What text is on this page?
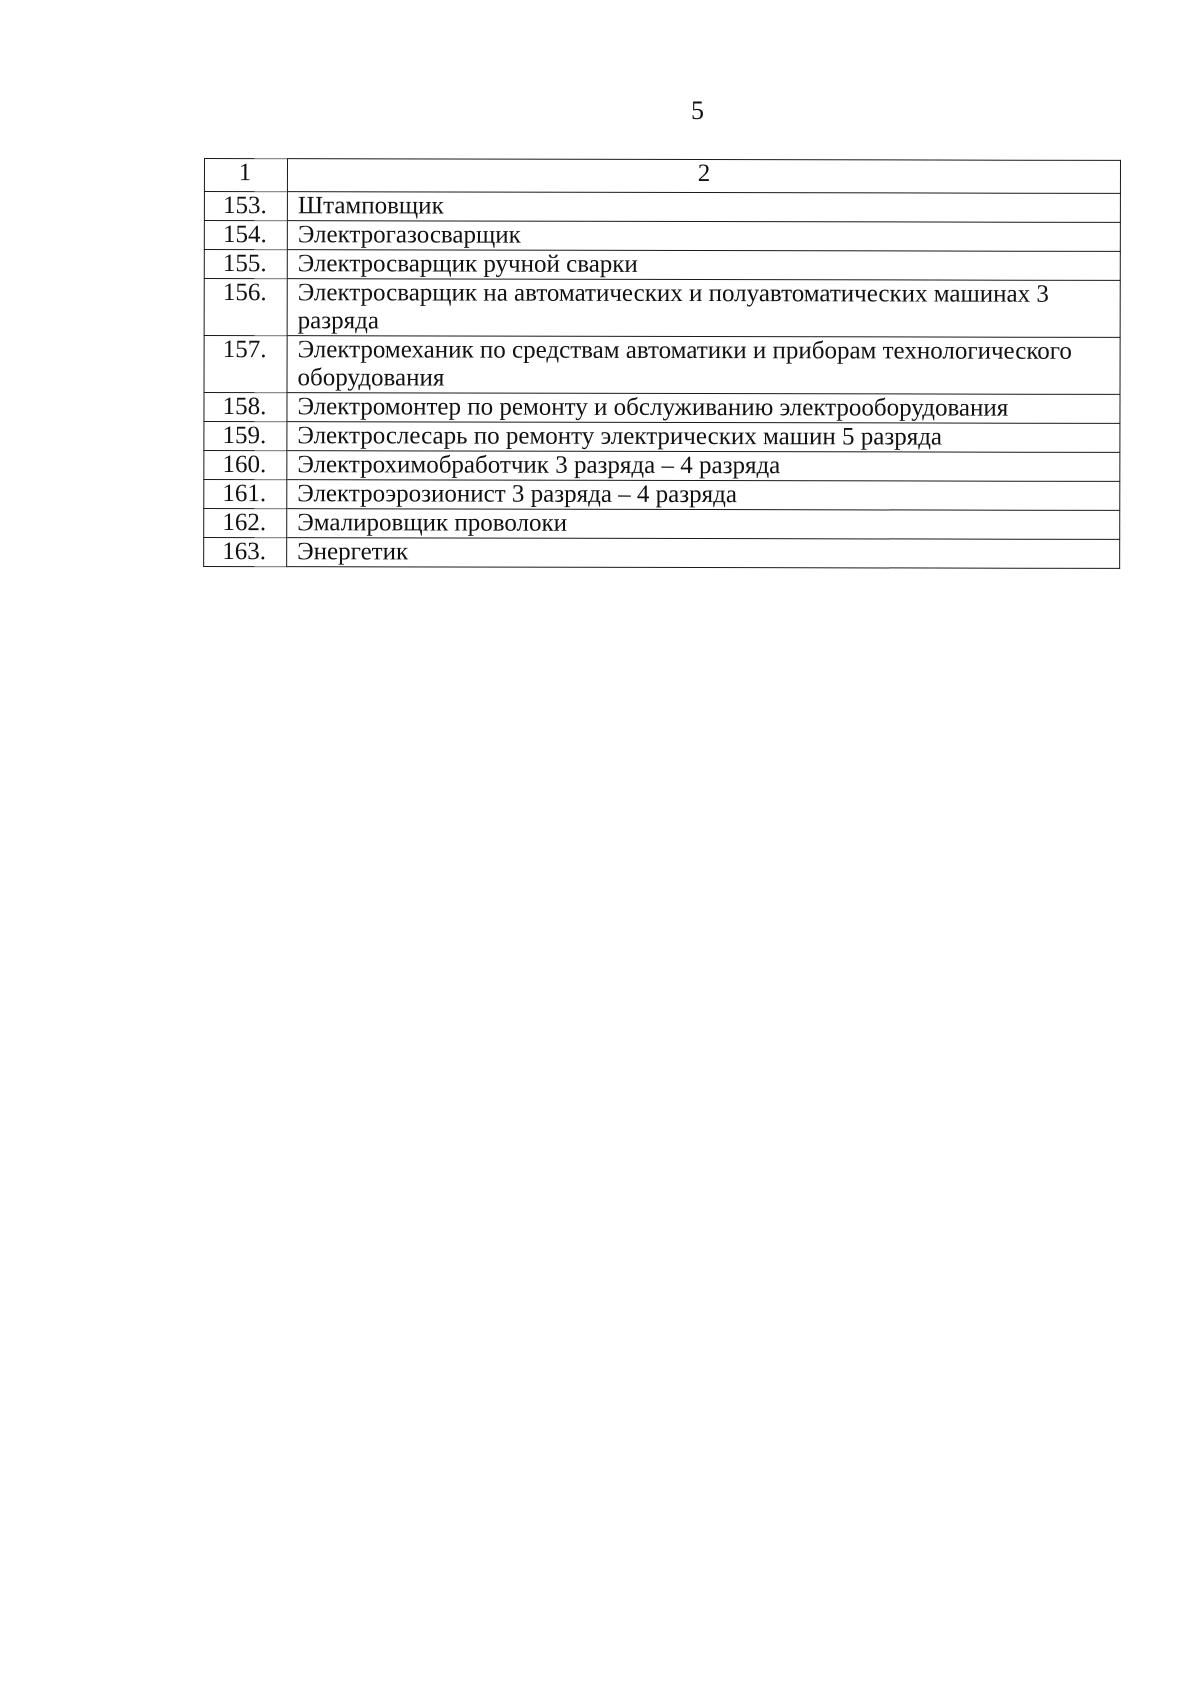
5
1	2
153.	Штамповщик
154.	Электрогазосварщик
155.	Электросварщик ручной сварки
156.	Электросварщик на автоматических и полуавтоматических машинах 3 разряда
157.	Электромеханик по средствам автоматики и приборам технологического оборудования
158.	Электромонтер по ремонту и обслуживанию электрооборудования
159.	Электрослесарь по ремонту электрических машин 5 разряда
160.	Электрохимобработчик 3 разряда – 4 разряда
161.	Электроэрозионист 3 разряда – 4 разряда
162.	Эмалировщик проволоки
163.	Энергетик
